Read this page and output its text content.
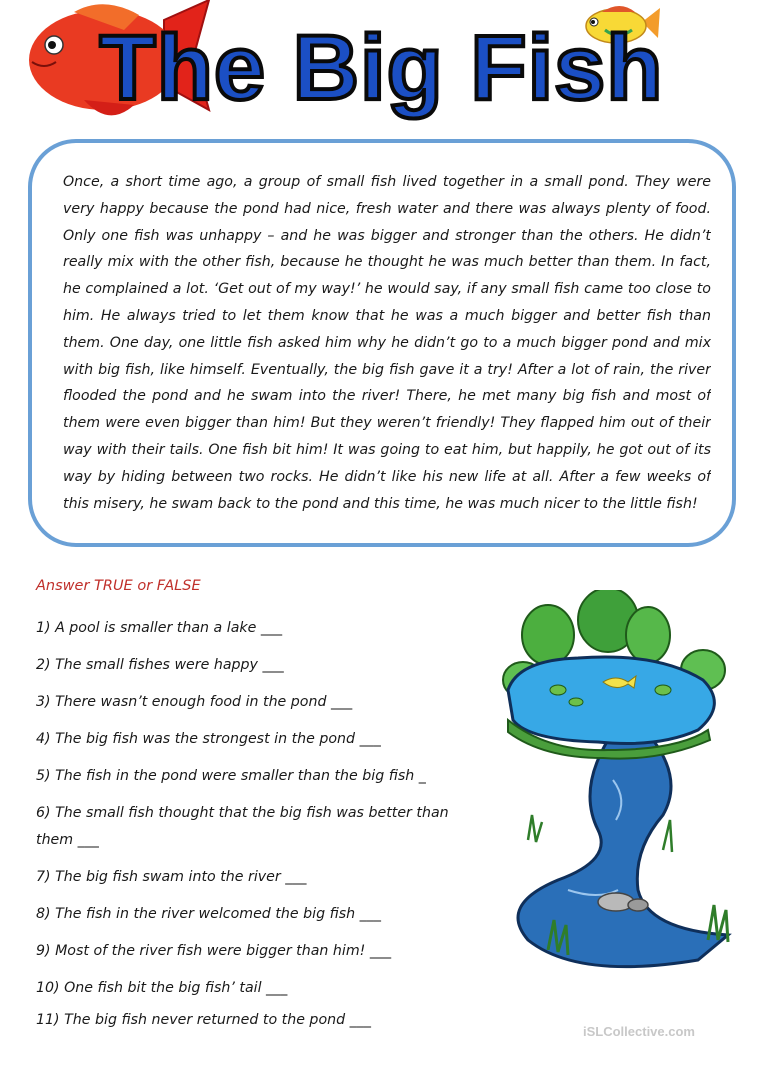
The Big Fish
Once, a short time ago, a group of small fish lived together in a small pond. They were very happy because the pond had nice, fresh water and there was always plenty of food. Only one fish was unhappy – and he was bigger and stronger than the others. He didn’t really mix with the other fish, because he thought he was much better than them. In fact, he complained a lot. ‘Get out of my way!’ he would say, if any small fish came too close to him. He always tried to let them know that he was a much bigger and better fish than them. One day, one little fish asked him why he didn’t go to a much bigger pond and mix with big fish, like himself. Eventually, the big fish gave it a try! After a lot of rain, the river flooded the pond and he swam into the river! There, he met many big fish and most of them were even bigger than him! But they weren’t friendly! They flapped him out of their way with their tails. One fish bit him! It was going to eat him, but happily, he got out of its way by hiding between two rocks. He didn’t like his new life at all. After a few weeks of this misery, he swam back to the pond and this time, he was much nicer to the little fish!
Answer TRUE or FALSE
1) A pool is smaller than a lake ___
2) The small fishes were happy ___
3) There wasn’t enough food in the pond ___
4) The big fish was the strongest in the pond ___
5) The fish in the pond were smaller than the big fish _
6) The small fish thought that the big fish was better than them ___
7) The big fish swam into the river ___
8) The fish in the river welcomed the big fish ___
9) Most of the river fish were bigger than him! ___
10) One fish bit the big fish’ tail ___
11) The big fish never returned to the pond ___
iSLCollective.com
